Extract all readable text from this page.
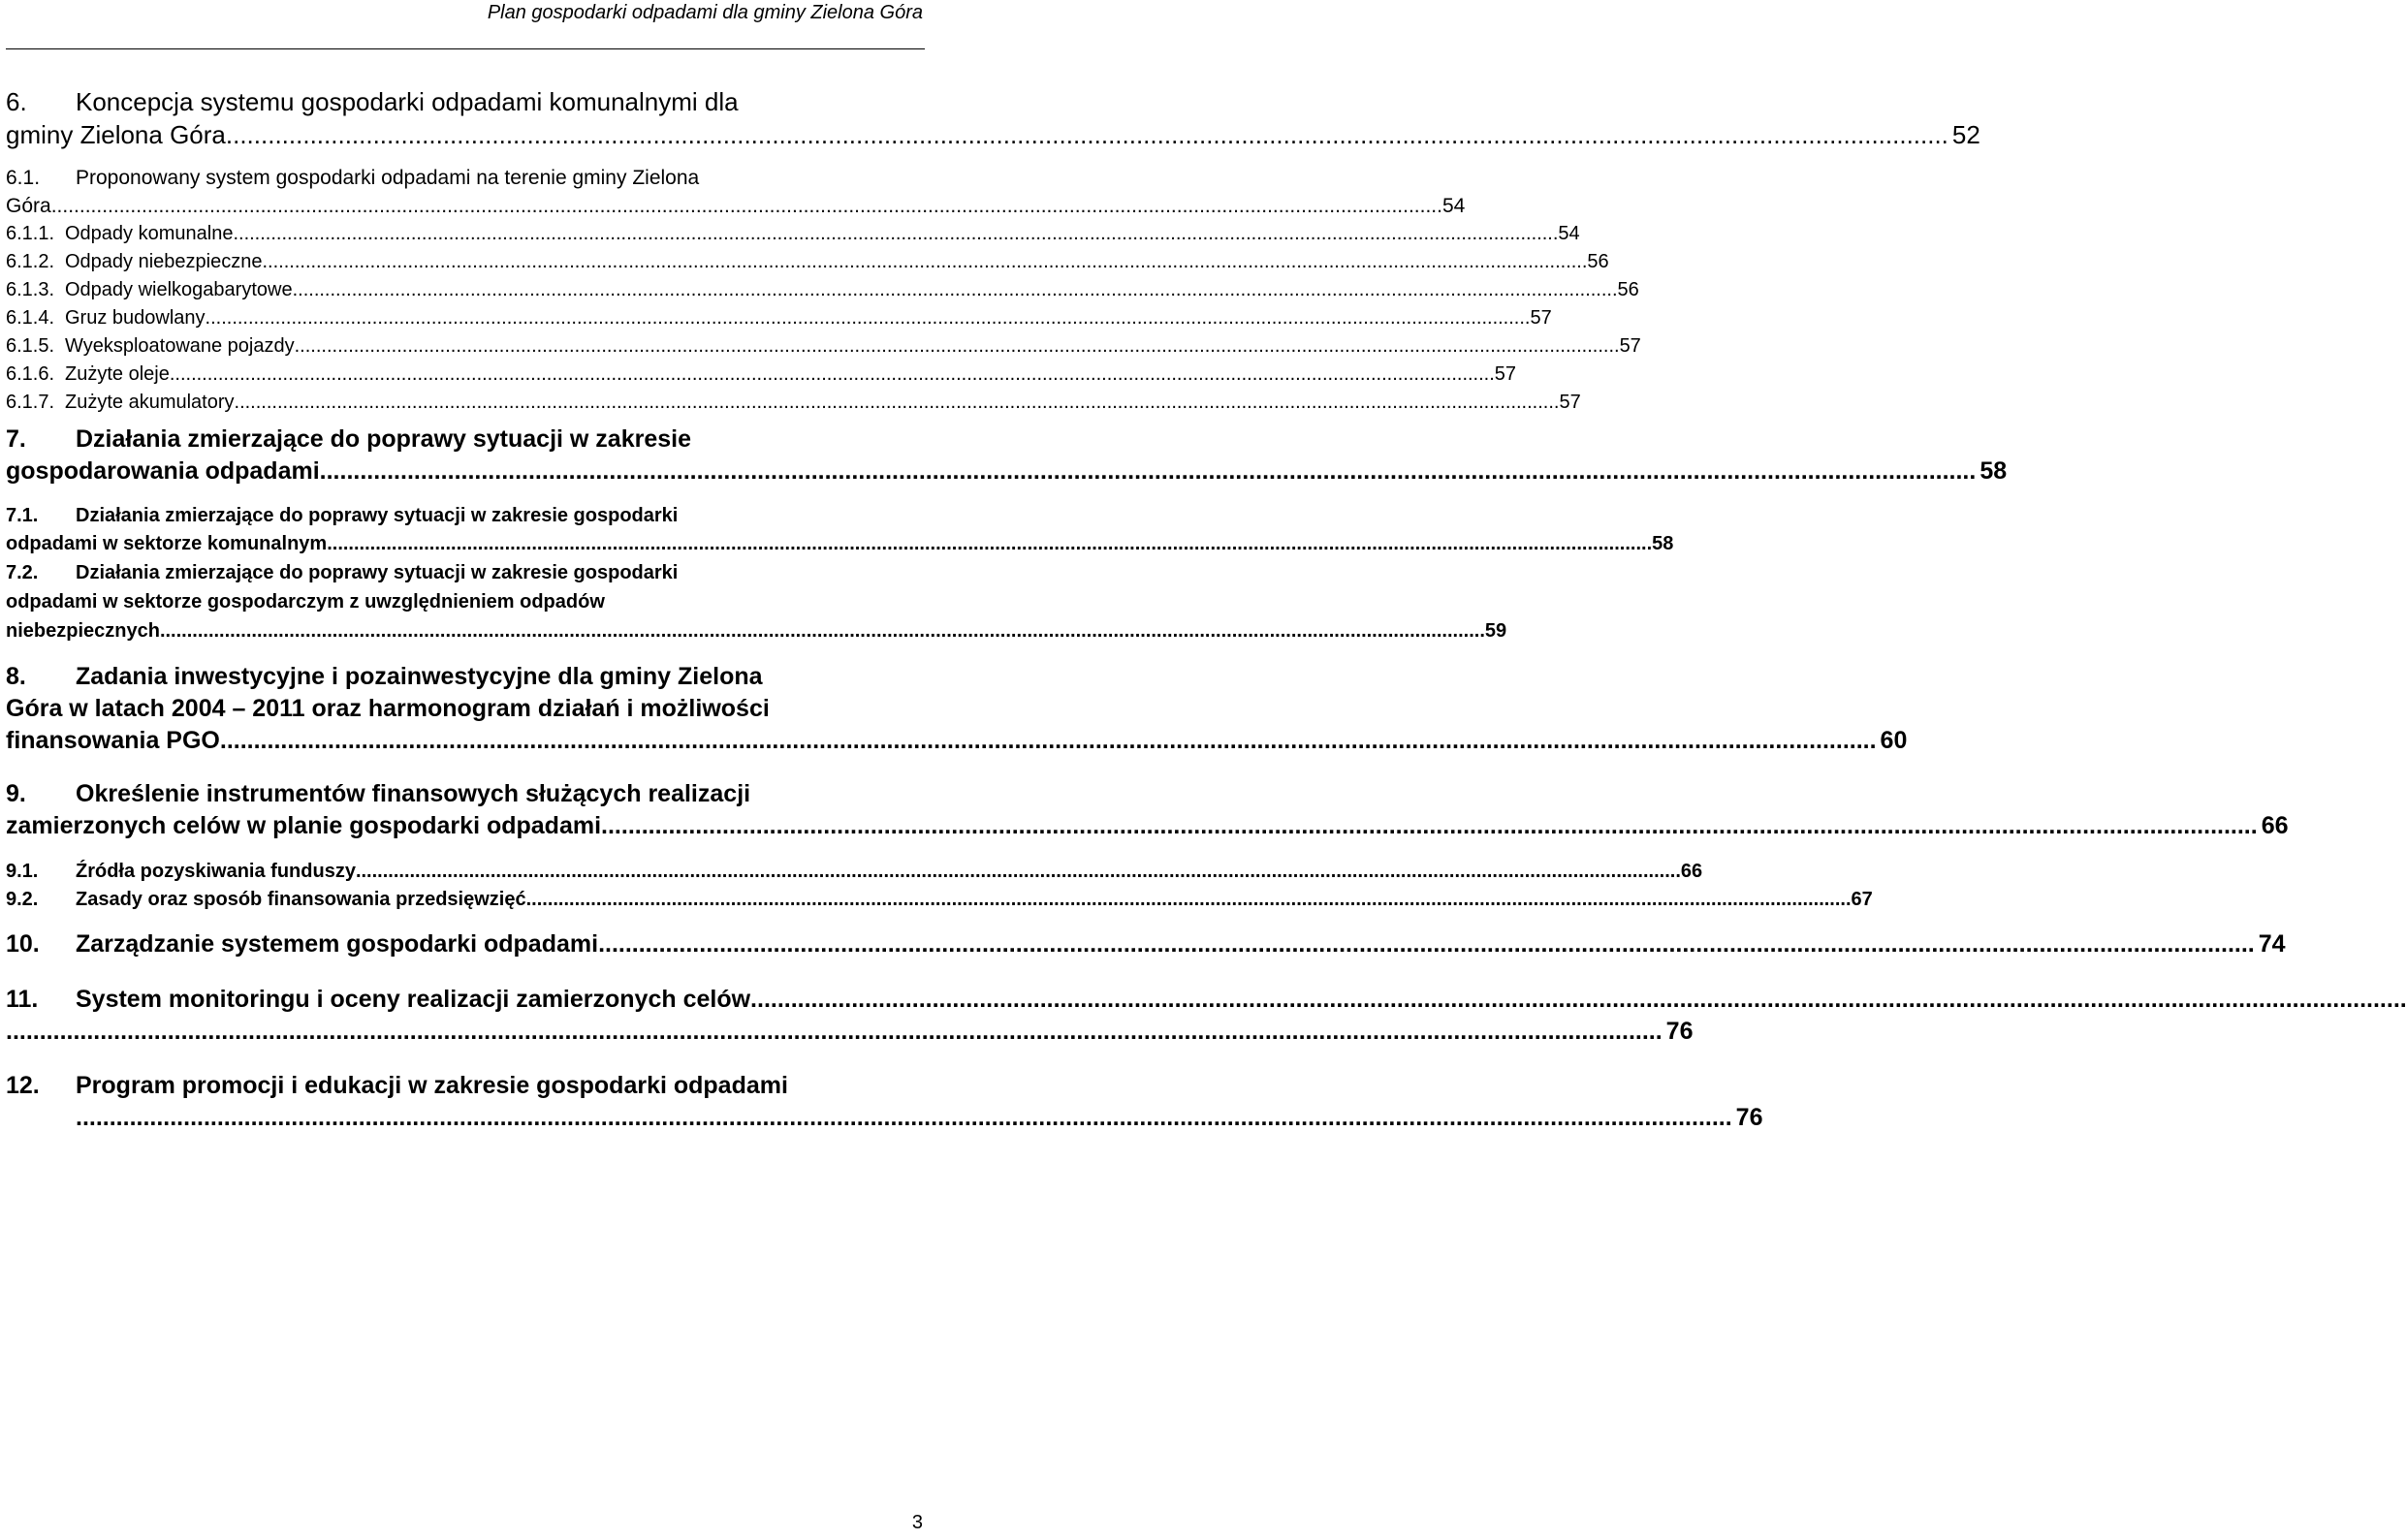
Plan gospodarki odpadami dla gminy Zielona Góra
6. Koncepcja systemu gospodarki odpadami komunalnymi dla
gminy Zielona Góra ...................................................................................................................................................................................................................................................... 52
6.1. Proponowany system gospodarki odpadami na terenie gminy Zielona
Góra ...................................................................................................................................................................................................................................................... 54
6.1.1. Odpady komunalne ...................................................................................................................................................................................................................................................... 54
6.1.2. Odpady niebezpieczne ...................................................................................................................................................................................................................................................... 56
6.1.3. Odpady wielkogabarytowe ...................................................................................................................................................................................................................................................... 56
6.1.4. Gruz budowlany ...................................................................................................................................................................................................................................................... 57
6.1.5. Wyeksploatowane pojazdy ...................................................................................................................................................................................................................................................... 57
6.1.6. Zużyte oleje ...................................................................................................................................................................................................................................................... 57
6.1.7. Zużyte akumulatory ...................................................................................................................................................................................................................................................... 57
7. Działania zmierzające do poprawy sytuacji w zakresie
gospodarowania odpadami ...................................................................................................................................................................................................................................................... 58
7.1. Działania zmierzające do poprawy sytuacji w zakresie gospodarki
odpadami w sektorze komunalnym ...................................................................................................................................................................................................................................................... 58
7.2. Działania zmierzające do poprawy sytuacji w zakresie gospodarki
odpadami w sektorze gospodarczym z uwzględnieniem odpadów
niebezpiecznych ...................................................................................................................................................................................................................................................... 59
8. Zadania inwestycyjne i pozainwestycyjne dla gminy Zielona
Góra w latach 2004 – 2011 oraz harmonogram działań i możliwości
finansowania PGO ...................................................................................................................................................................................................................................................... 60
9. Określenie instrumentów finansowych służących realizacji
zamierzonych celów w planie gospodarki odpadami ...................................................................................................................................................................................................................................................... 66
9.1. Źródła pozyskiwania funduszy ...................................................................................................................................................................................................................................................... 66
9.2. Zasady oraz sposób finansowania przedsięwzięć ...................................................................................................................................................................................................................................................... 67
10. Zarządzanie systemem gospodarki odpadami ...................................................................................................................................................................................................................................................... 74
11. System monitoringu i oceny realizacji zamierzonych celów ......................................................................................................................................................................................................................................................
...................................................................................................................................................................................................................................................... 76
12. Program promocji i edukacji w zakresie gospodarki odpadami
...................................................................................................................................................................................................................................................... 76
3
